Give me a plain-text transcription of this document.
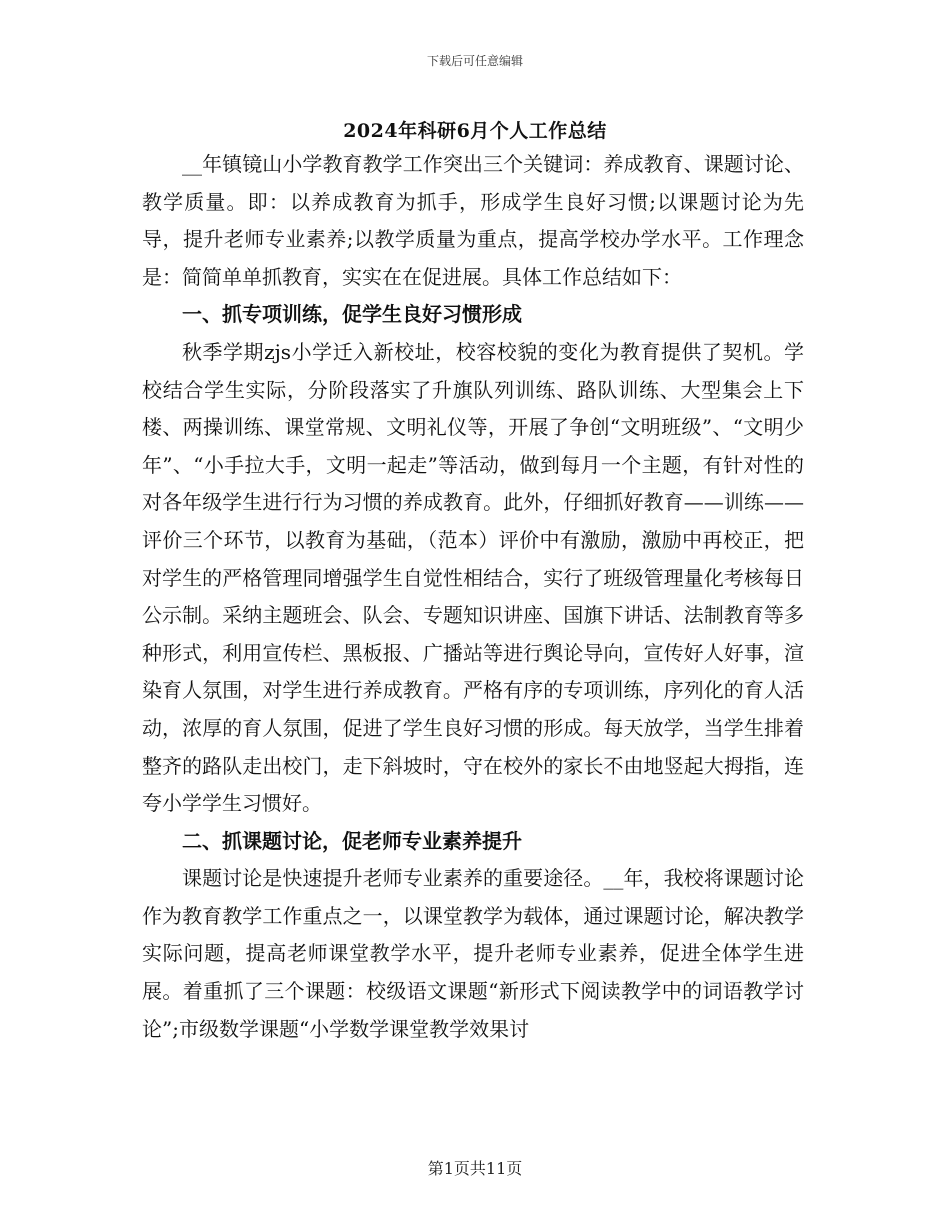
下载后可任意编辑
2024年科研6月个人工作总结

__年镇镜山小学教育教学工作突出三个关键词：养成教育、课题讨论、教学质量。即：以养成教育为抓手，形成学生良好习惯;以课题讨论为先导，提升老师专业素养;以教学质量为重点，提高学校办学水平。工作理念是：简简单单抓教育，实实在在促进展。具体工作总结如下：

一、抓专项训练，促学生良好习惯形成

秋季学期zjs小学迁入新校址，校容校貌的变化为教育提供了契机。学校结合学生实际，分阶段落实了升旗队列训练、路队训练、大型集会上下楼、两操训练、课堂常规、文明礼仪等，开展了争创“文明班级”、“文明少年”、“小手拉大手，文明一起走”等活动，做到每月一个主题，有针对性的对各年级学生进行行为习惯的养成教育。此外，仔细抓好教育——训练——评价三个环节，以教育为基础，（范本）评价中有激励，激励中再校正，把对学生的严格管理同增强学生自觉性相结合，实行了班级管理量化考核每日公示制。采纳主题班会、队会、专题知识讲座、国旗下讲话、法制教育等多种形式，利用宣传栏、黑板报、广播站等进行舆论导向，宣传好人好事，渲染育人氛围，对学生进行养成教育。严格有序的专项训练，序列化的育人活动，浓厚的育人氛围，促进了学生良好习惯的形成。每天放学，当学生排着整齐的路队走出校门，走下斜坡时，守在校外的家长不由地竖起大拇指，连夸小学学生习惯好。

二、抓课题讨论，促老师专业素养提升

课题讨论是快速提升老师专业素养的重要途径。__年，我校将课题讨论作为教育教学工作重点之一，以课堂教学为载体，通过课题讨论，解决教学实际问题，提高老师课堂教学水平，提升老师专业素养，促进全体学生进展。着重抓了三个课题：校级语文课题“新形式下阅读教学中的词语教学讨论”;市级数学课题“小学数学课堂教学效果讨

第1页共11页
